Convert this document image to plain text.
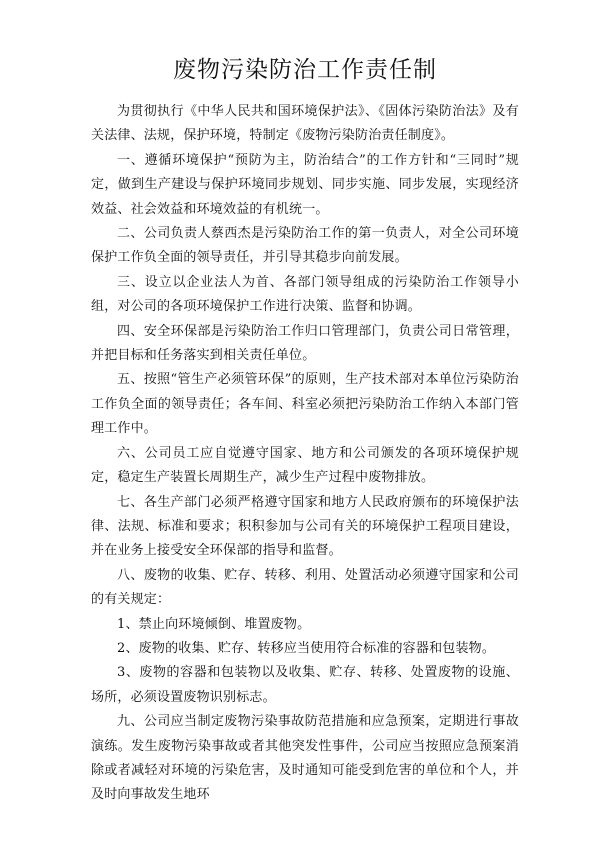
废物污染防治工作责任制

为贯彻执行《中华人民共和国环境保护法》、《固体污染防治法》及有关法律、法规，保护环境，特制定《废物污染防治责任制度》。

一、遵循环境保护“预防为主，防治结合”的工作方针和“三同时”规定，做到生产建设与保护环境同步规划、同步实施、同步发展，实现经济效益、社会效益和环境效益的有机统一。

二、公司负责人蔡西杰是污染防治工作的第一负责人，对全公司环境保护工作负全面的领导责任，并引导其稳步向前发展。

三、设立以企业法人为首、各部门领导组成的污染防治工作领导小组，对公司的各项环境保护工作进行决策、监督和协调。

四、安全环保部是污染防治工作归口管理部门，负责公司日常管理，并把目标和任务落实到相关责任单位。

五、按照“管生产必须管环保”的原则，生产技术部对本单位污染防治工作负全面的领导责任；各车间、科室必须把污染防治工作纳入本部门管理工作中。

六、公司员工应自觉遵守国家、地方和公司颁发的各项环境保护规定，稳定生产装置长周期生产，减少生产过程中废物排放。

七、各生产部门必须严格遵守国家和地方人民政府颁布的环境保护法律、法规、标准和要求；积积参加与公司有关的环境保护工程项目建设，并在业务上接受安全环保部的指导和监督。

八、废物的收集、贮存、转移、利用、处置活动必须遵守国家和公司的有关规定：

1、禁止向环境倾倒、堆置废物。

2、废物的收集、贮存、转移应当使用符合标准的容器和包装物。

3、废物的容器和包装物以及收集、贮存、转移、处置废物的设施、场所，必须设置废物识别标志。

九、公司应当制定废物污染事故防范措施和应急预案，定期进行事故演练。发生废物污染事故或者其他突发性事件，公司应当按照应急预案消除或者减轻对环境的污染危害，及时通知可能受到危害的单位和个人，并及时向事故发生地环
